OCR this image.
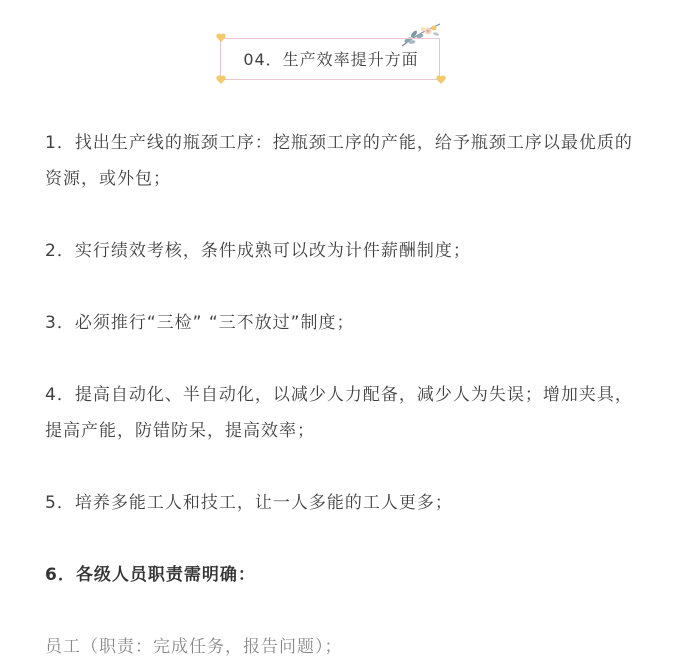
04．生产效率提升方面

1．找出生产线的瓶颈工序：挖瓶颈工序的产能，给予瓶颈工序以最优质的资源，或外包；

2．实行绩效考核，条件成熟可以改为计件薪酬制度；

3．必须推行“三检” “三不放过”制度；

4．提高自动化、半自动化，以减少人力配备，减少人为失误；增加夹具，提高产能，防错防呆，提高效率；

5．培养多能工人和技工，让一人多能的工人更多；

6．各级人员职责需明确：

员工（职责：完成任务，报告问题）；
